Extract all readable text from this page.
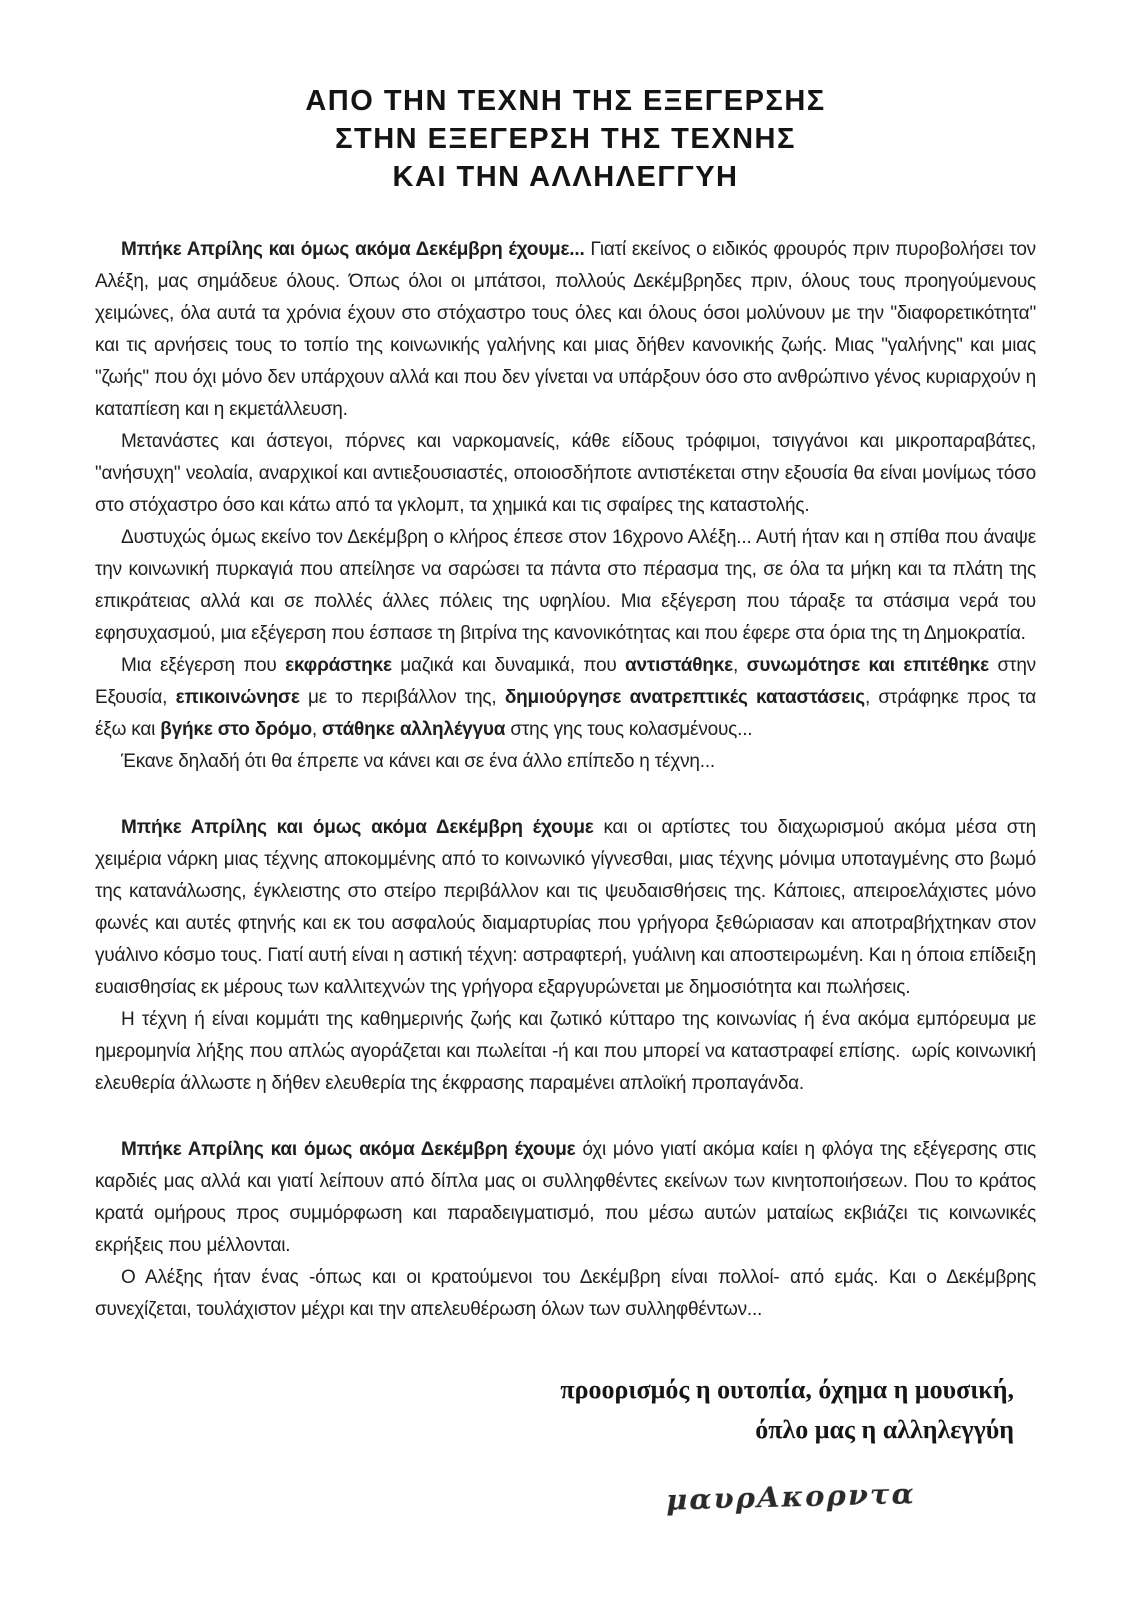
ΑΠΟ ΤΗΝ ΤΕΧΝΗ ΤΗΣ ΕΞΕΓΕΡΣΗΣ
ΣΤΗΝ ΕΞΕΓΕΡΣΗ ΤΗΣ ΤΕΧΝΗΣ
ΚΑΙ ΤΗΝ ΑΛΛΗΛΕΓΓΥΗ

Μπήκε Απρίλης και όμως ακόμα Δεκέμβρη έχουμε... Γιατί εκείνος ο ειδικός φρουρός πριν πυροβολήσει τον Αλέξη, μας σημάδευε όλους. Όπως όλοι οι μπάτσοι, πολλούς Δεκέμβρηδες πριν, όλους τους προηγούμενους χειμώνες, όλα αυτά τα χρόνια έχουν στο στόχαστρο τους όλες και όλους όσοι μολύνουν με την "διαφορετικότητα" και τις αρνήσεις τους το τοπίο της κοινωνικής γαλήνης και μιας δήθεν κανονικής ζωής. Μιας "γαλήνης" και μιας "ζωής" που όχι μόνο δεν υπάρχουν αλλά και που δεν γίνεται να υπάρξουν όσο στο ανθρώπινο γένος κυριαρχούν η καταπίεση και η εκμετάλλευση.

Μετανάστες και άστεγοι, πόρνες και ναρκομανείς, κάθε είδους τρόφιμοι, τσιγγάνοι και μικροπαραβάτες, "ανήσυχη" νεολαία, αναρχικοί και αντιεξουσιαστές, οποιοσδήποτε αντιστέκεται στην εξουσία θα είναι μονίμως τόσο στο στόχαστρο όσο και κάτω από τα γκλομπ, τα χημικά και τις σφαίρες της καταστολής.

Δυστυχώς όμως εκείνο τον Δεκέμβρη ο κλήρος έπεσε στον 16χρονο Αλέξη... Αυτή ήταν και η σπίθα που άναψε την κοινωνική πυρκαγιά που απείλησε να σαρώσει τα πάντα στο πέρασμα της, σε όλα τα μήκη και τα πλάτη της επικράτειας αλλά και σε πολλές άλλες πόλεις της υφηλίου. Μια εξέγερση που τάραξε τα στάσιμα νερά του εφησυχασμού, μια εξέγερση που έσπασε τη βιτρίνα της κανονικότητας και που έφερε στα όρια της τη Δημοκρατία.

Μια εξέγερση που εκφράστηκε μαζικά και δυναμικά, που αντιστάθηκε, συνωμότησε και επιτέθηκε στην Εξουσία, επικοινώνησε με το περιβάλλον της, δημιούργησε ανατρεπτικές καταστάσεις, στράφηκε προς τα έξω και βγήκε στο δρόμο, στάθηκε αλληλέγγυα στης γης τους κολασμένους...

Έκανε δηλαδή ότι θα έπρεπε να κάνει και σε ένα άλλο επίπεδο η τέχνη...

Μπήκε Απρίλης και όμως ακόμα Δεκέμβρη έχουμε και οι αρτίστες του διαχωρισμού ακόμα μέσα στη χειμέρια νάρκη μιας τέχνης αποκομμένης από το κοινωνικό γίγνεσθαι, μιας τέχνης μόνιμα υποταγμένης στο βωμό της κατανάλωσης, έγκλειστης στο στείρο περιβάλλον και τις ψευδαισθήσεις της. Κάποιες, απειροελάχιστες μόνο φωνές και αυτές φτηνής και εκ του ασφαλούς διαμαρτυρίας που γρήγορα ξεθώριασαν και αποτραβήχτηκαν στον γυάλινο κόσμο τους. Γιατί αυτή είναι η αστική τέχνη: αστραφτερή, γυάλινη και αποστειρωμένη. Και η όποια επίδειξη ευαισθησίας εκ μέρους των καλλιτεχνών της γρήγορα εξαργυρώνεται με δημοσιότητα και πωλήσεις.

Η τέχνη ή είναι κομμάτι της καθημερινής ζωής και ζωτικό κύτταρο της κοινωνίας ή ένα ακόμα εμπόρευμα με ημερομηνία λήξης που απλώς αγοράζεται και πωλείται -ή και που μπορεί να καταστραφεί επίσης.  ωρίς κοινωνική ελευθερία άλλωστε η δήθεν ελευθερία της έκφρασης παραμένει απλοϊκή προπαγάνδα.

Μπήκε Απρίλης και όμως ακόμα Δεκέμβρη έχουμε όχι μόνο γιατί ακόμα καίει η φλόγα της εξέγερσης στις καρδιές μας αλλά και γιατί λείπουν από δίπλα μας οι συλληφθέντες εκείνων των κινητοποιήσεων. Που το κράτος κρατά ομήρους προς συμμόρφωση και παραδειγματισμό, που μέσω αυτών ματαίως εκβιάζει τις κοινωνικές εκρήξεις που μέλλονται.

Ο Αλέξης ήταν ένας -όπως και οι κρατούμενοι του Δεκέμβρη είναι πολλοί- από εμάς. Και ο Δεκέμβρης συνεχίζεται, τουλάχιστον μέχρι και την απελευθέρωση όλων των συλληφθέντων...

προορισμός η ουτοπία, όχημα η μουσική,
όπλο μας η αλληλεγγύη
μαυρΑκορντα
